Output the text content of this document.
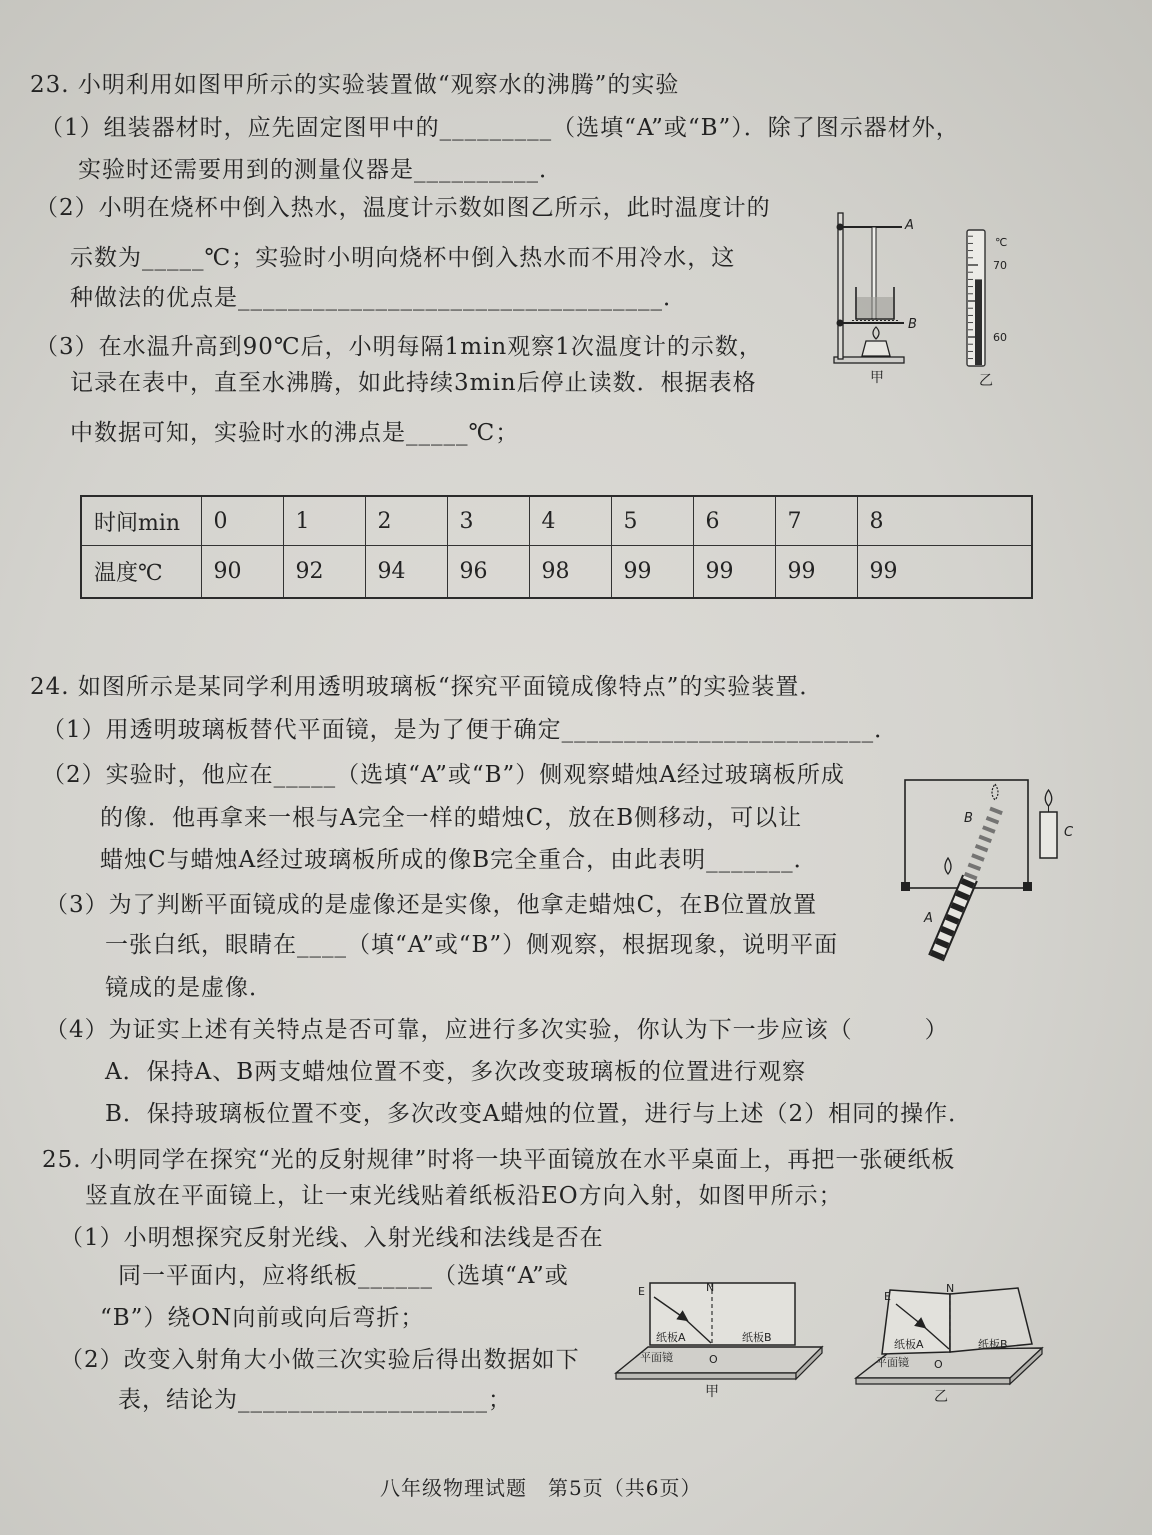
23. 小明利用如图甲所示的实验装置做“观察水的沸腾”的实验
（1）组装器材时，应先固定图甲中的_________（选填“A”或“B”）．除了图示器材外，
实验时还需要用到的测量仪器是__________．
（2）小明在烧杯中倒入热水，温度计示数如图乙所示，此时温度计的
示数为_____℃；实验时小明向烧杯中倒入热水而不用冷水，这
种做法的优点是__________________________________．
（3）在水温升高到90℃后，小明每隔1min观察1次温度计的示数，
记录在表中，直至水沸腾，如此持续3min后停止读数．根据表格
中数据可知，实验时水的沸点是_____℃；
A
B
甲
℃
70
60
乙
时间min	0	1	2	3	4	5	6	7	8
温度℃	90	92	94	96	98	99	99	99	99
24. 如图所示是某同学利用透明玻璃板“探究平面镜成像特点”的实验装置．
（1）用透明玻璃板替代平面镜，是为了便于确定_________________________．
（2）实验时，他应在_____（选填“A”或“B”）侧观察蜡烛A经过玻璃板所成
的像．他再拿来一根与A完全一样的蜡烛C，放在B侧移动，可以让
蜡烛C与蜡烛A经过玻璃板所成的像B完全重合，由此表明_______．
（3）为了判断平面镜成的是虚像还是实像，他拿走蜡烛C，在B位置放置
一张白纸，眼睛在____（填“A”或“B”）侧观察，根据现象，说明平面
镜成的是虚像．
（4）为证实上述有关特点是否可靠，应进行多次实验，你认为下一步应该（　　　）
A．保持A、B两支蜡烛位置不变，多次改变玻璃板的位置进行观察
B．保持玻璃板位置不变，多次改变A蜡烛的位置，进行与上述（2）相同的操作．
B
C
A
25. 小明同学在探究“光的反射规律”时将一块平面镜放在水平桌面上，再把一张硬纸板
竖直放在平面镜上，让一束光线贴着纸板沿EO方向入射，如图甲所示；
（1）小明想探究反射光线、入射光线和法线是否在
同一平面内，应将纸板______（选填“A”或
“B”）绕ON向前或向后弯折；
（2）改变入射角大小做三次实验后得出数据如下
表，结论为____________________；
E	N
纸板A	纸板B
平面镜	O
甲
E
N
纸板A	纸板B
平面镜 O
乙
八年级物理试题　第5页（共6页）
